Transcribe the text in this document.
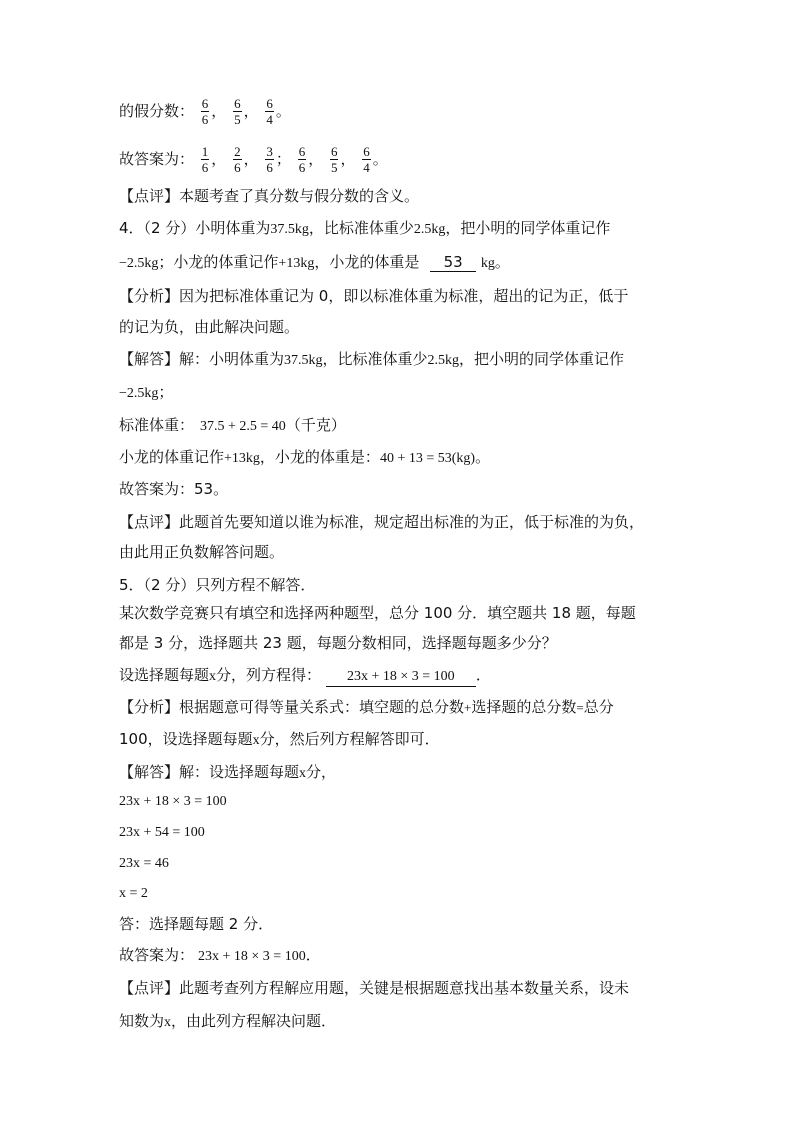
的假分数： $\frac{6}{6}$ ， $\frac{6}{5}$ ， $\frac{6}{4}$ 。
故答案为： $\frac{1}{6}$ ， $\frac{2}{6}$ ， $\frac{3}{6}$ ； $\frac{6}{6}$ ， $\frac{6}{5}$ ， $\frac{6}{4}$ 。
【点评】本题考查了真分数与假分数的含义。
4．（2 分）小明体重为37.5kg，比标准体重少2.5kg，把小明的同学体重记作
−2.5kg；小龙的体重记作+13kg，小龙的体重是 53 kg。
【分析】因为把标准体重记为 0，即以标准体重为标准，超出的记为正，低于
的记为负，由此解决问题。
【解答】解：小明体重为37.5kg，比标准体重少2.5kg，把小明的同学体重记作
−2.5kg；
标准体重： 37.5 + 2.5 = 40（千克）
小龙的体重记作+13kg，小龙的体重是：40 + 13 = 53(kg)。
故答案为：53。
【点评】此题首先要知道以谁为标准，规定超出标准的为正，低于标准的为负，
由此用正负数解答问题。
5．（2 分）只列方程不解答．
某次数学竞赛只有填空和选择两种题型，总分 100 分．填空题共 18 题，每题
都是 3 分，选择题共 23 题，每题分数相同，选择题每题多少分？
设选择题每题x分，列方程得： 23x + 18 × 3 = 100 ．
【分析】根据题意可得等量关系式：填空题的总分数+选择题的总分数=总分
100，设选择题每题x分，然后列方程解答即可．
【解答】解：设选择题每题x分，
23x + 18 × 3 = 100
23x + 54 = 100
23x = 46
x = 2
答：选择题每题 2 分．
故答案为： 23x + 18 × 3 = 100．
【点评】此题考查列方程解应用题，关键是根据题意找出基本数量关系，设未
知数为x，由此列方程解决问题．
